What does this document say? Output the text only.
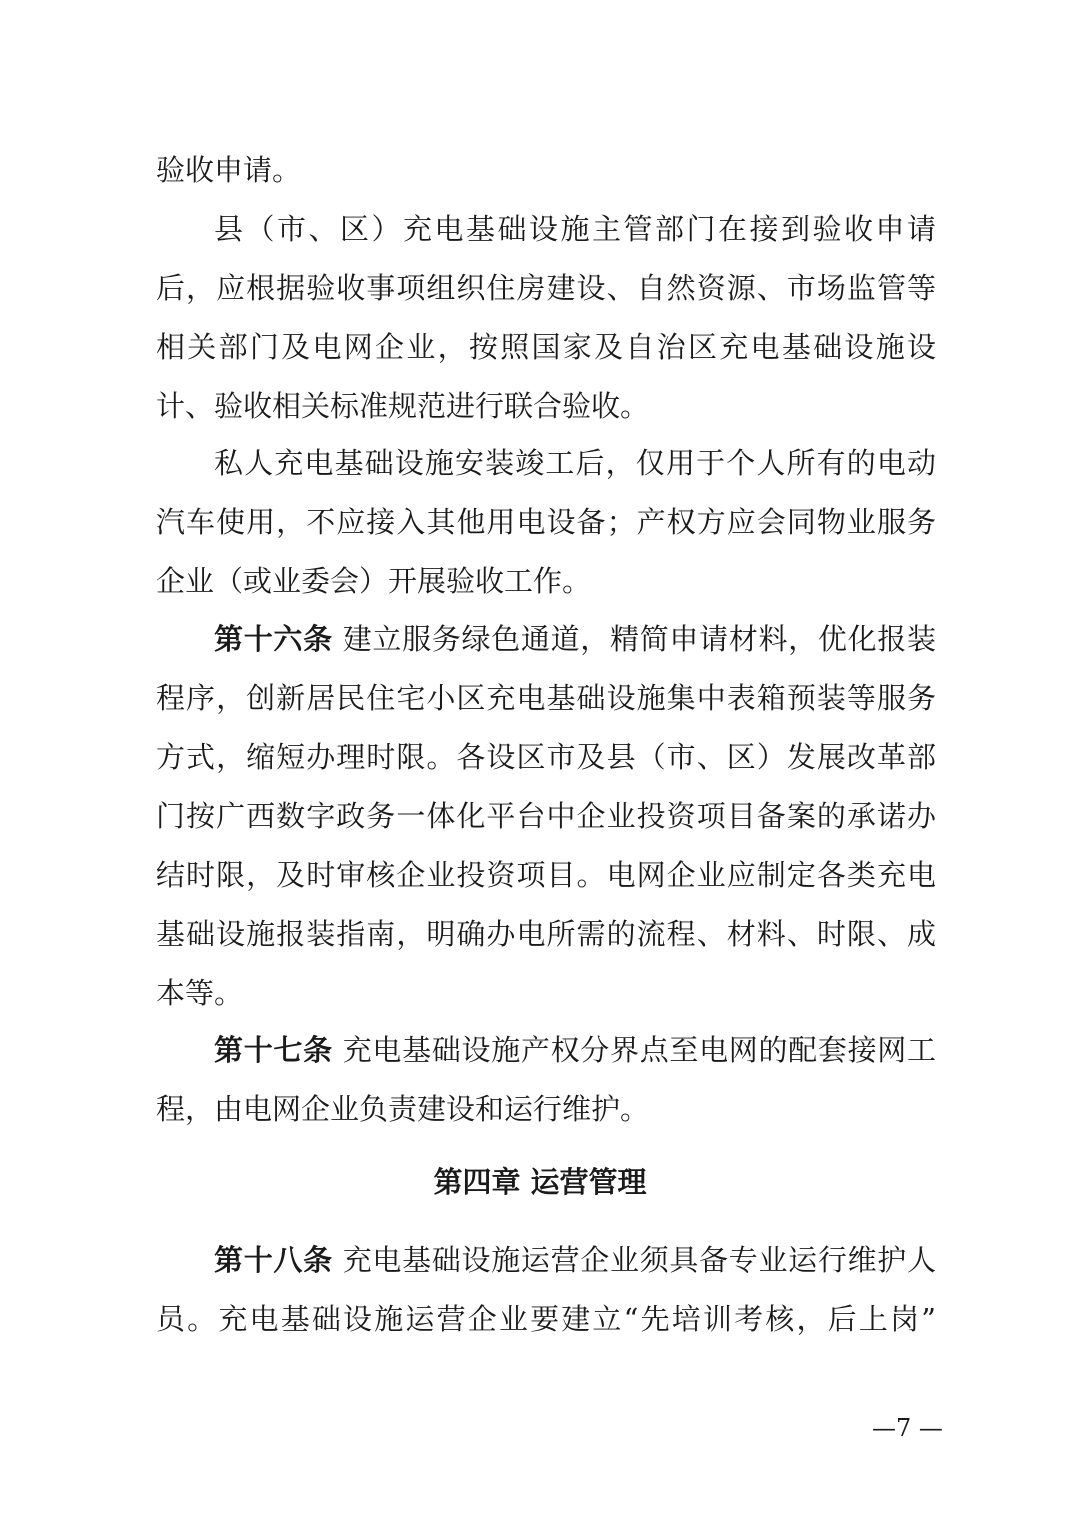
验收申请。
县（市、区）充电基础设施主管部门在接到验收申请
后，应根据验收事项组织住房建设、自然资源、市场监管等
相关部门及电网企业，按照国家及自治区充电基础设施设
计、验收相关标准规范进行联合验收。
私人充电基础设施安装竣工后，仅用于个人所有的电动
汽车使用，不应接入其他用电设备；产权方应会同物业服务
企业（或业委会）开展验收工作。
第十六条 建立服务绿色通道，精简申请材料，优化报装
程序，创新居民住宅小区充电基础设施集中表箱预装等服务
方式，缩短办理时限。各设区市及县（市、区）发展改革部
门按广西数字政务一体化平台中企业投资项目备案的承诺办
结时限，及时审核企业投资项目。电网企业应制定各类充电
基础设施报装指南，明确办电所需的流程、材料、时限、成
本等。
第十七条 充电基础设施产权分界点至电网的配套接网工
程，由电网企业负责建设和运行维护。
第四章 运营管理
第十八条 充电基础设施运营企业须具备专业运行维护人
员。充电基础设施运营企业要建立“先培训考核，后上岗”
—7 —
